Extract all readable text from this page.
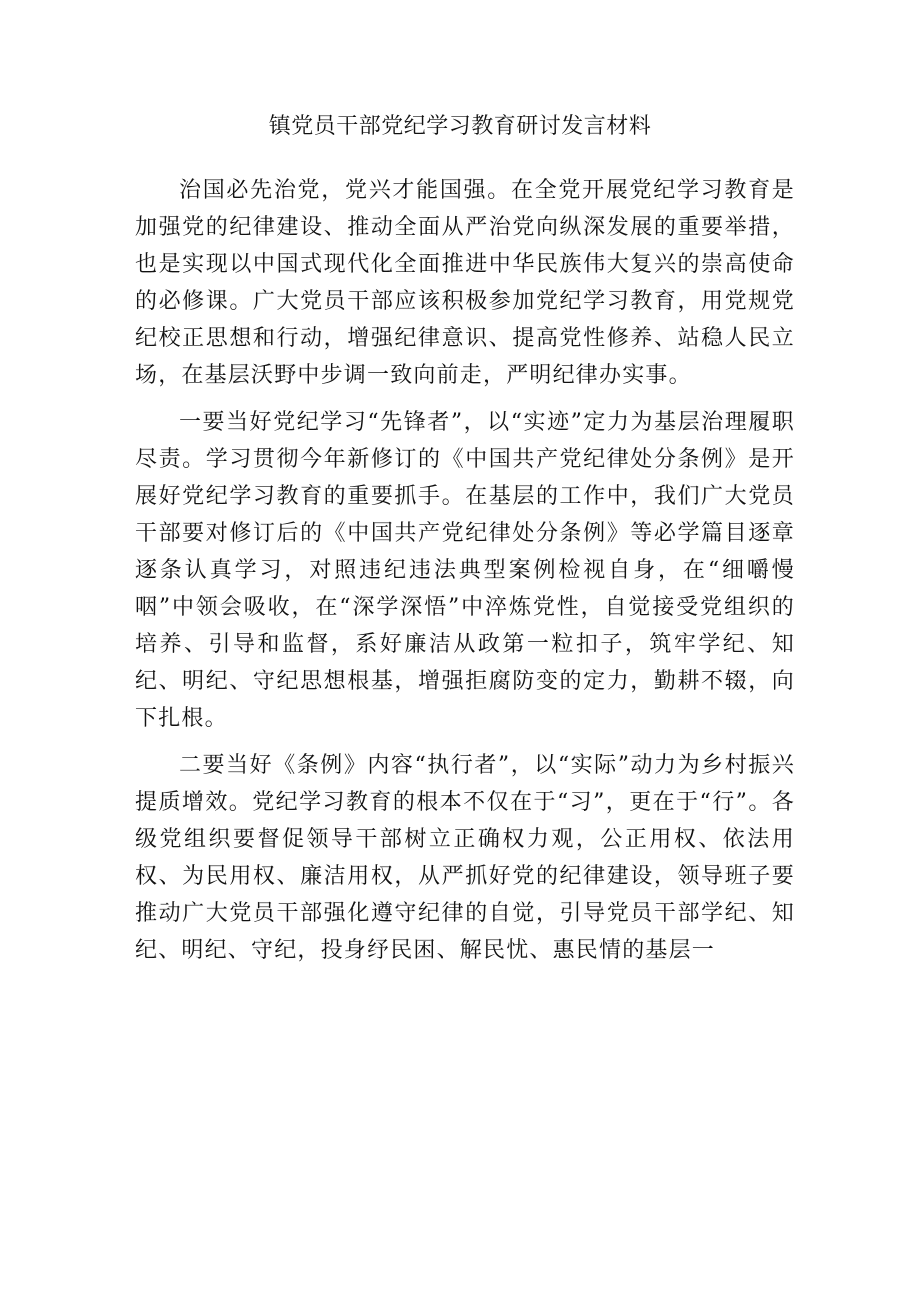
镇党员干部党纪学习教育研讨发言材料

治国必先治党，党兴才能国强。在全党开展党纪学习教育是加强党的纪律建设、推动全面从严治党向纵深发展的重要举措，也是实现以中国式现代化全面推进中华民族伟大复兴的崇高使命的必修课。广大党员干部应该积极参加党纪学习教育，用党规党纪校正思想和行动，增强纪律意识、提高党性修养、站稳人民立场，在基层沃野中步调一致向前走，严明纪律办实事。

一要当好党纪学习“先锋者”，以“实迹”定力为基层治理履职尽责。学习贯彻今年新修订的《中国共产党纪律处分条例》是开展好党纪学习教育的重要抓手。在基层的工作中，我们广大党员干部要对修订后的《中国共产党纪律处分条例》等必学篇目逐章逐条认真学习，对照违纪违法典型案例检视自身，在“细嚼慢咽”中领会吸收，在“深学深悟”中淬炼党性，自觉接受党组织的培养、引导和监督，系好廉洁从政第一粒扣子，筑牢学纪、知纪、明纪、守纪思想根基，增强拒腐防变的定力，勤耕不辍，向下扎根。

二要当好《条例》内容“执行者”，以“实际”动力为乡村振兴提质增效。党纪学习教育的根本不仅在于“习”，更在于“行”。各级党组织要督促领导干部树立正确权力观，公正用权、依法用权、为民用权、廉洁用权，从严抓好党的纪律建设，领导班子要推动广大党员干部强化遵守纪律的自觉，引导党员干部学纪、知纪、明纪、守纪，投身纾民困、解民忧、惠民情的基层一
